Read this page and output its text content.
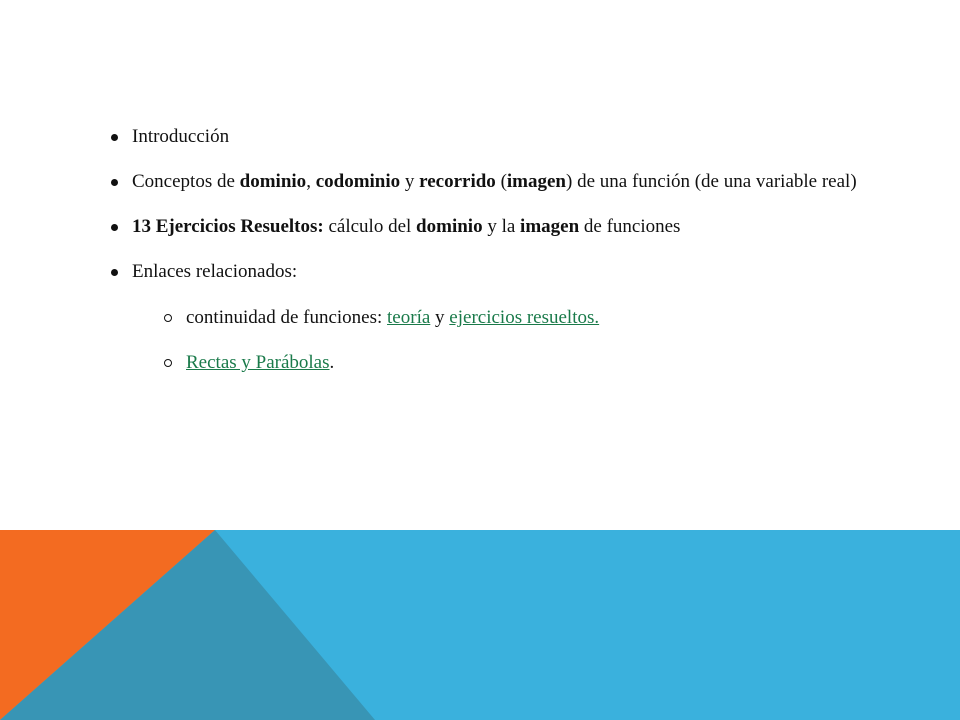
Introducción
Conceptos de dominio, codominio y recorrido (imagen) de una función (de una variable real)
13 Ejercicios Resueltos: cálculo del dominio y la imagen de funciones
Enlaces relacionados:
continuidad de funciones: teoría y ejercicios resueltos.
Rectas y Parábolas.
